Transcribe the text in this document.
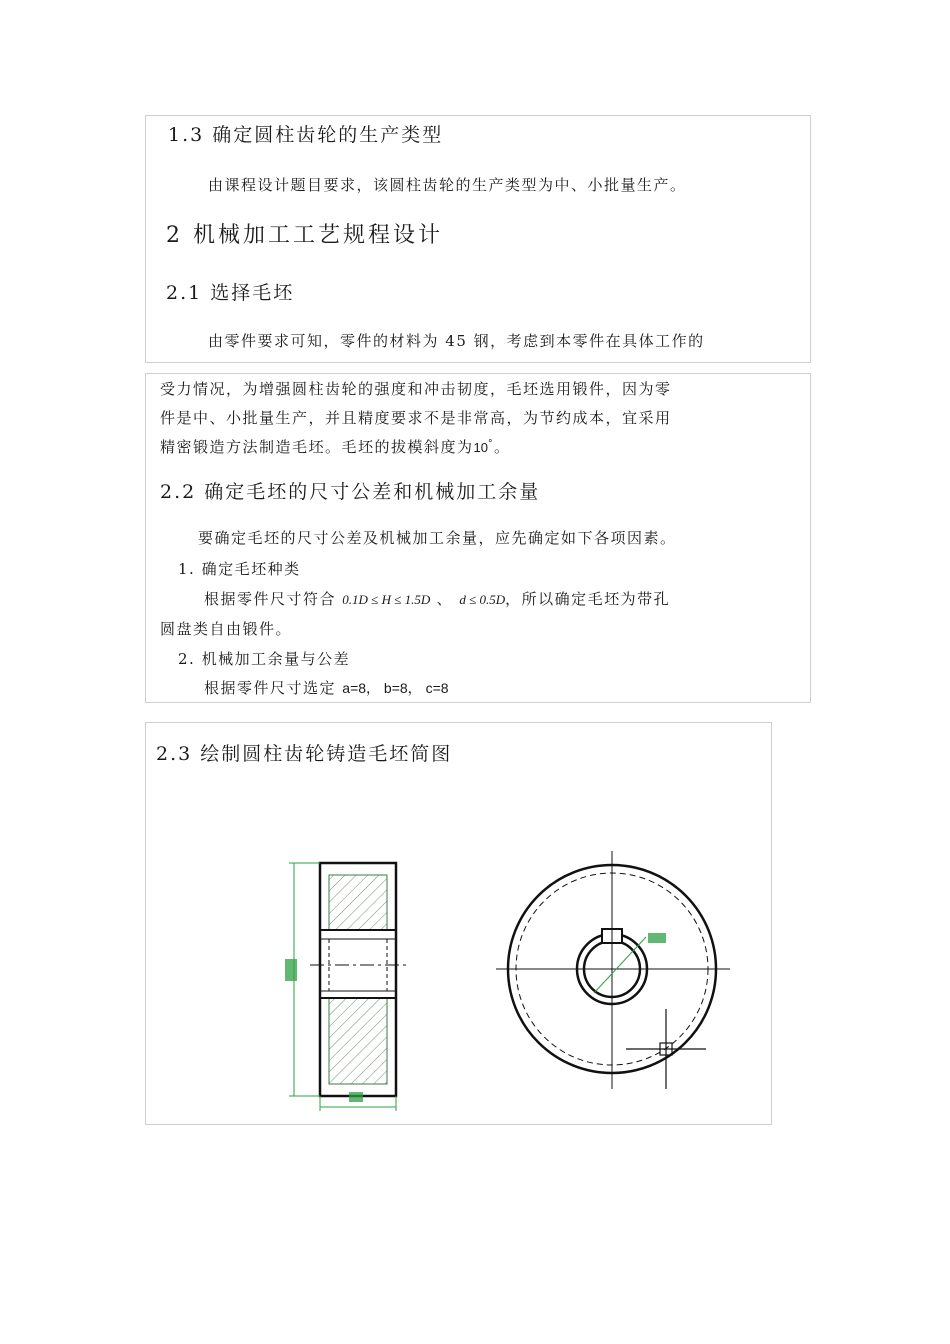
1.3 确定圆柱齿轮的生产类型
由课程设计题目要求，该圆柱齿轮的生产类型为中、小批量生产。
2 机械加工工艺规程设计
2.1 选择毛坯
由零件要求可知，零件的材料为 45 钢，考虑到本零件在具体工作的
受力情况，为增强圆柱齿轮的强度和冲击韧度，毛坯选用锻件，因为零
件是中、小批量生产，并且精度要求不是非常高，为节约成本，宜采用
精密锻造方法制造毛坯。毛坯的拔模斜度为10°。
2.2 确定毛坯的尺寸公差和机械加工余量
要确定毛坯的尺寸公差及机械加工余量，应先确定如下各项因素。
1. 确定毛坯种类
根据零件尺寸符合 0.1D ≤ H ≤ 1.5D 、 d ≤ 0.5D，所以确定毛坯为带孔
圆盘类自由锻件。
2. 机械加工余量与公差
根据零件尺寸选定 a=8， b=8， c=8
2.3 绘制圆柱齿轮铸造毛坯简图
